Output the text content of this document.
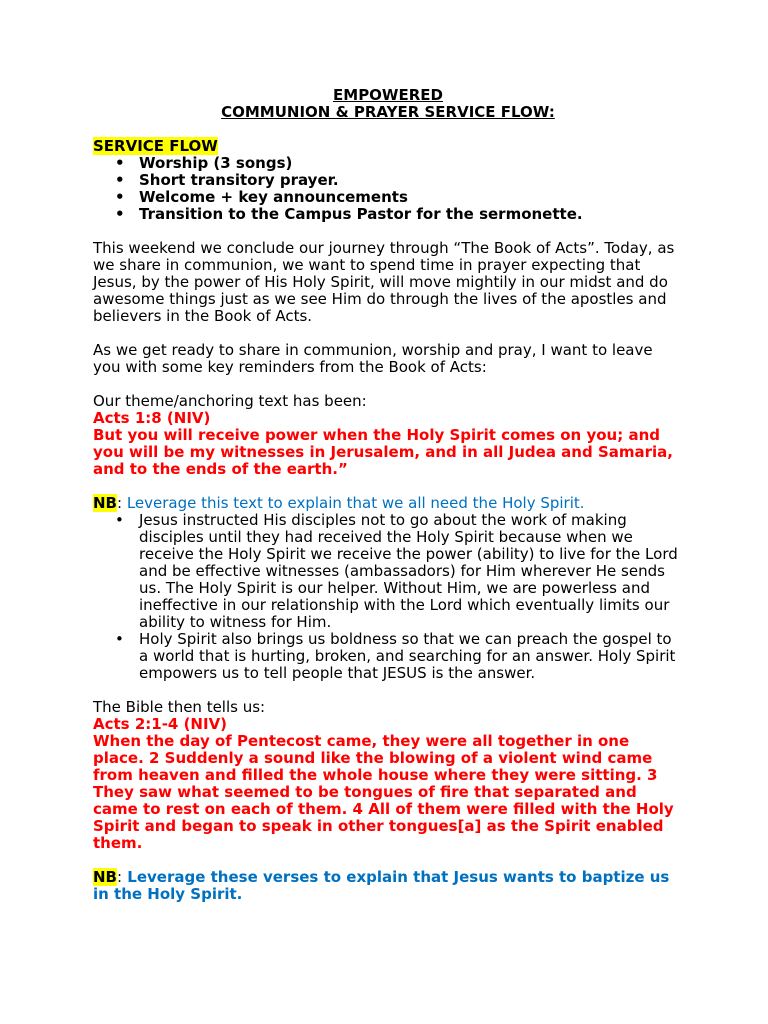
EMPOWERED
COMMUNION & PRAYER SERVICE FLOW:
SERVICE FLOW
• Worship (3 songs)
• Short transitory prayer.
• Welcome + key announcements
• Transition to the Campus Pastor for the sermonette.

This weekend we conclude our journey through “The Book of Acts”. Today, as we share in communion, we want to spend time in prayer expecting that Jesus, by the power of His Holy Spirit, will move mightily in our midst and do awesome things just as we see Him do through the lives of the apostles and believers in the Book of Acts.

As we get ready to share in communion, worship and pray, I want to leave you with some key reminders from the Book of Acts:

Our theme/anchoring text has been:

Acts 1:8 (NIV)

But you will receive power when the Holy Spirit comes on you; and you will be my witnesses in Jerusalem, and in all Judea and Samaria, and to the ends of the earth.”

NB: Leverage this text to explain that we all need the Holy Spirit.

• Jesus instructed His disciples not to go about the work of making disciples until they had received the Holy Spirit because when we receive the Holy Spirit we receive the power (ability) to live for the Lord and be effective witnesses (ambassadors) for Him wherever He sends us. The Holy Spirit is our helper. Without Him, we are powerless and ineffective in our relationship with the Lord which eventually limits our ability to witness for Him.
• Holy Spirit also brings us boldness so that we can preach the gospel to a world that is hurting, broken, and searching for an answer. Holy Spirit empowers us to tell people that JESUS is the answer.

The Bible then tells us:

Acts 2:1-4 (NIV)

When the day of Pentecost came, they were all together in one place. 2 Suddenly a sound like the blowing of a violent wind came from heaven and filled the whole house where they were sitting. 3 They saw what seemed to be tongues of fire that separated and came to rest on each of them. 4 All of them were filled with the Holy Spirit and began to speak in other tongues[a] as the Spirit enabled them.

NB: Leverage these verses to explain that Jesus wants to baptize us in the Holy Spirit.
